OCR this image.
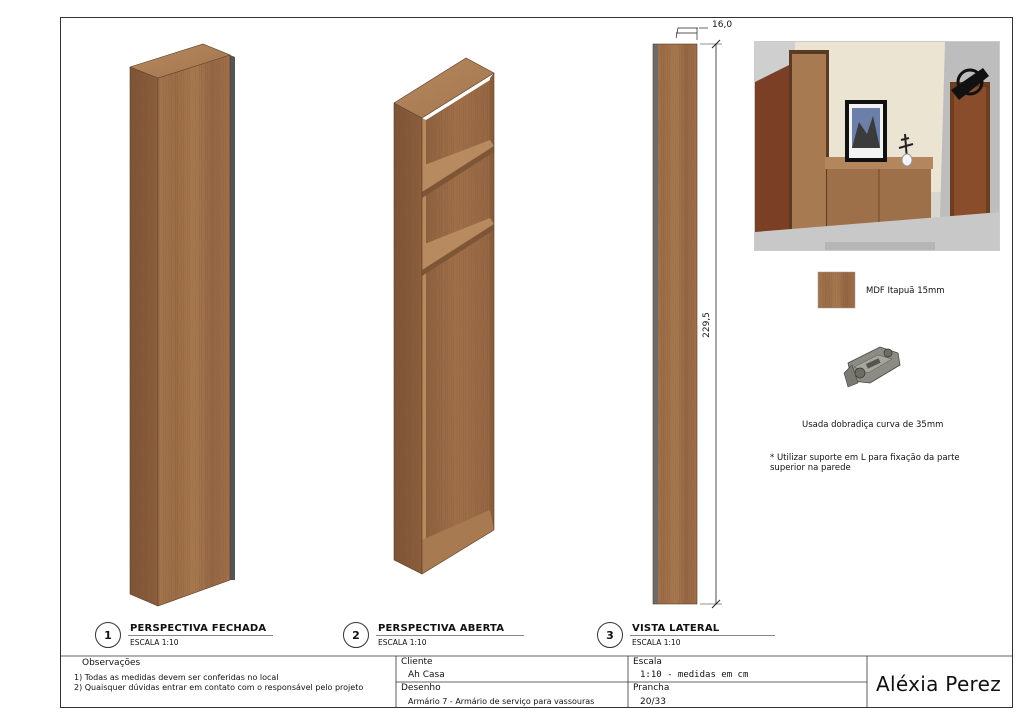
1	PERSPECTIVA FECHADA
ESCALA 1:10
2	PERSPECTIVA ABERTA
ESCALA 1:10
3	VISTA LATERAL
ESCALA 1:10
16,0
229,5
MDF Itapuã 15mm
Usada dobradiça curva de 35mm
* Utilizar suporte em L para fixação da parte superior na parede
Observações
1) Todas as medidas devem ser conferidas no local
2) Quaisquer dúvidas entrar em contato com o responsável pelo projeto
Cliente
Ah Casa
Desenho
Armário 7 - Armário de serviço para vassouras
Escala
1:10 - medidas em cm
Prancha
20/33
Aléxia Perez
